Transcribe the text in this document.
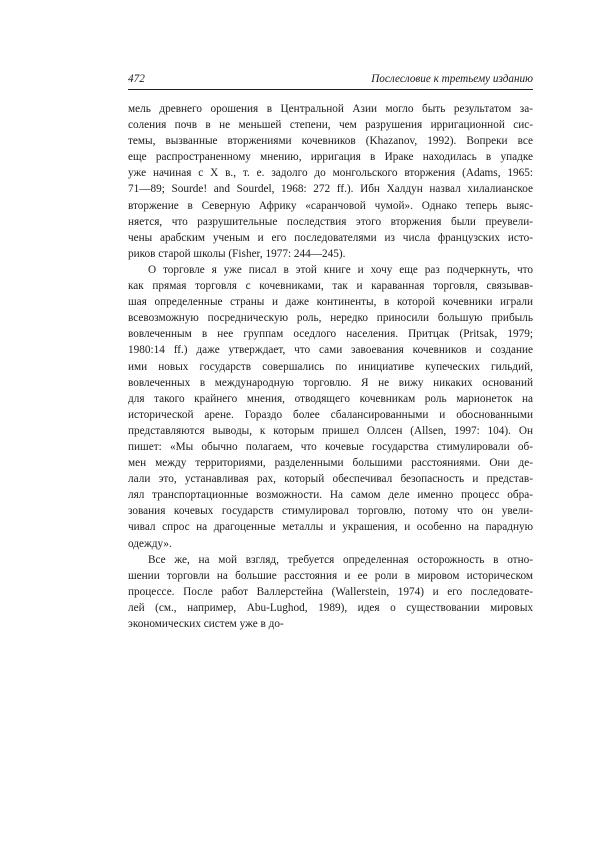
472	Послесловие к третьему изданию
мель древнего орошения в Центральной Азии могло быть результатом за-
соления почв в не меньшей степени, чем разрушения ирригационной сис-
темы, вызванные вторжениями кочевников (Khazanov, 1992). Вопреки все
еще распространенному мнению, ирригация в Ираке находилась в упадке
уже начиная с X в., т. е. задолго до монгольского вторжения (Adams, 1965:
71—89; Sourde! and Sourdel, 1968: 272 ff.). Ибн Халдун назвал хилалианское
вторжение в Северную Африку «саранчовой чумой». Однако теперь выяс-
няется, что разрушительные последствия этого вторжения были преувели-
чены арабским ученым и его последователями из числа французских исто-
риков старой школы (Fisher, 1977: 244—245).
О торговле я уже писал в этой книге и хочу еще раз подчеркнуть, что
как прямая торговля с кочевниками, так и караванная торговля, связывав-
шая определенные страны и даже континенты, в которой кочевники играли
всевозможную посредническую роль, нередко приносили большую прибыль
вовлеченным в нее группам оседлого населения. Притцак (Pritsak, 1979;
1980:14 ff.) даже утверждает, что сами завоевания кочевников и создание
ими новых государств совершались по инициативе купеческих гильдий,
вовлеченных в международную торговлю. Я не вижу никаких оснований
для такого крайнего мнения, отводящего кочевникам роль марионеток на
исторической арене. Гораздо более сбалансированными и обоснованными
представляются выводы, к которым пришел Оллсен (Allsen, 1997: 104). Он
пишет: «Мы обычно полагаем, что кочевые государства стимулировали об-
мен между территориями, разделенными большими расстояниями. Они де-
лали это, устанавливая pax, который обеспечивал безопасность и представ-
лял транспортационные возможности. На самом деле именно процесс обра-
зования кочевых государств стимулировал торговлю, потому что он увели-
чивал спрос на драгоценные металлы и украшения, и особенно на парадную
одежду».
Все же, на мой взгляд, требуется определенная осторожность в отно-
шении торговли на большие расстояния и ее роли в мировом историческом
процессе. После работ Валлерстейна (Wallerstein, 1974) и его последовате-
лей (см., например, Abu-Lughod, 1989), идея о существовании мировых
экономических систем уже в до-
